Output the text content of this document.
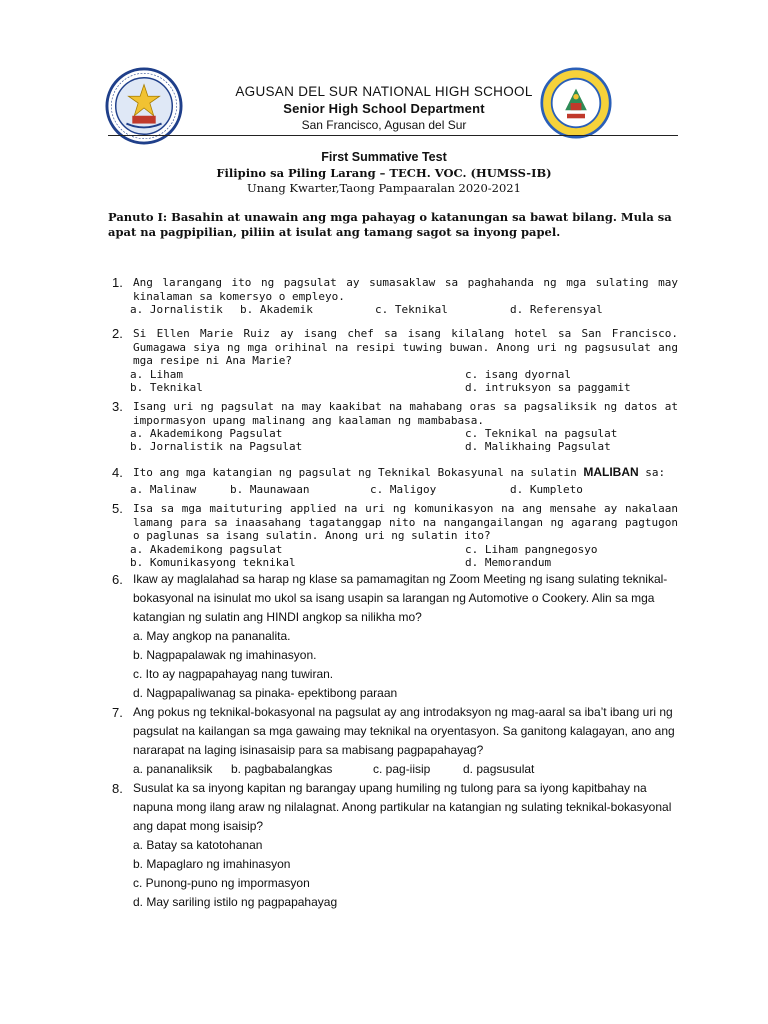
AGUSAN DEL SUR NATIONAL HIGH SCHOOL
Senior High School Department
San Francisco, Agusan del Sur
First Summative Test
Filipino sa Piling Larang – TECH. VOC. (HUMSS-IB)
Unang Kwarter,Taong Pampaaralan 2020-2021
Panuto I: Basahin at unawain ang mga pahayag o katanungan sa bawat bilang. Mula sa apat na pagpipilian, piliin at isulat ang tamang sagot sa inyong papel.
1. Ang larangang ito ng pagsulat ay sumasaklaw sa paghahanda ng mga sulating may kinalaman sa komersyo o empleyo.
a. Jornalistik b. Akademik	c. Teknikal	d. Referensyal
2. Si Ellen Marie Ruiz ay isang chef sa isang kilalang hotel sa San Francisco. Gumagawa siya ng mga orihinal na resipi tuwing buwan. Anong uri ng pagsusulat ang mga resipe ni Ana Marie?
a. Liham	c. isang dyornal
b. Teknikal	d. intruksyon sa paggamit
3. Isang uri ng pagsulat na may kaakibat na mahabang oras sa pagsaliksik ng datos at impormasyon upang malinang ang kaalaman ng mambabasa.
a. Akademikong Pagsulat	c. Teknikal na pagsulat
b. Jornalistik na Pagsulat	d. Malikhaing Pagsulat
4. Ito ang mga katangian ng pagsulat ng Teknikal Bokasyunal na sulatin MALIBAN sa:
a. Malinaw	b. Maunawaan	c. Maligoy	d. Kumpleto
5. Isa sa mga maituturing applied na uri ng komunikasyon na ang mensahe ay nakalaan lamang para sa inaasahang tagatanggap nito na nangangailangan ng agarang pagtugon o paglunas sa isang sulatin. Anong uri ng sulatin ito?
a. Akademikong pagsulat	c. Liham pangnegosyo
b. Komunikasyong teknikal	d. Memorandum
6. Ikaw ay maglalahad sa harap ng klase sa pamamagitan ng Zoom Meeting ng isang sulating teknikal-bokasyonal na isinulat mo ukol sa isang usapin sa larangan ng Automotive o Cookery. Alin sa mga katangian ng sulatin ang HINDI angkop sa nilikha mo?
a. May angkop na pananalita.
b. Nagpapalawak ng imahinasyon.
c. Ito ay nagpapahayag nang tuwiran.
d. Nagpapaliwanag sa pinaka- epektibong paraan
7. Ang pokus ng teknikal-bokasyonal na pagsulat ay ang introdaksyon ng mag-aaral sa iba’t ibang uri ng pagsulat na kailangan sa mga gawaing may teknikal na oryentasyon. Sa ganitong kalagayan, ano ang nararapat na laging isinasaisip para sa mabisang pagpapahayag?
a. pananaliksik b. pagbabalangkas	c. pag-iisip	d. pagsusulat
8. Susulat ka sa inyong kapitan ng barangay upang humiling ng tulong para sa iyong kapitbahay na napuna mong ilang araw ng nilalagnat. Anong partikular na katangian ng sulating teknikal-bokasyonal ang dapat mong isaisip?
a. Batay sa katotohanan
b. Mapaglaro ng imahinasyon
c. Punong-puno ng impormasyon
d. May sariling istilo ng pagpapahayag
